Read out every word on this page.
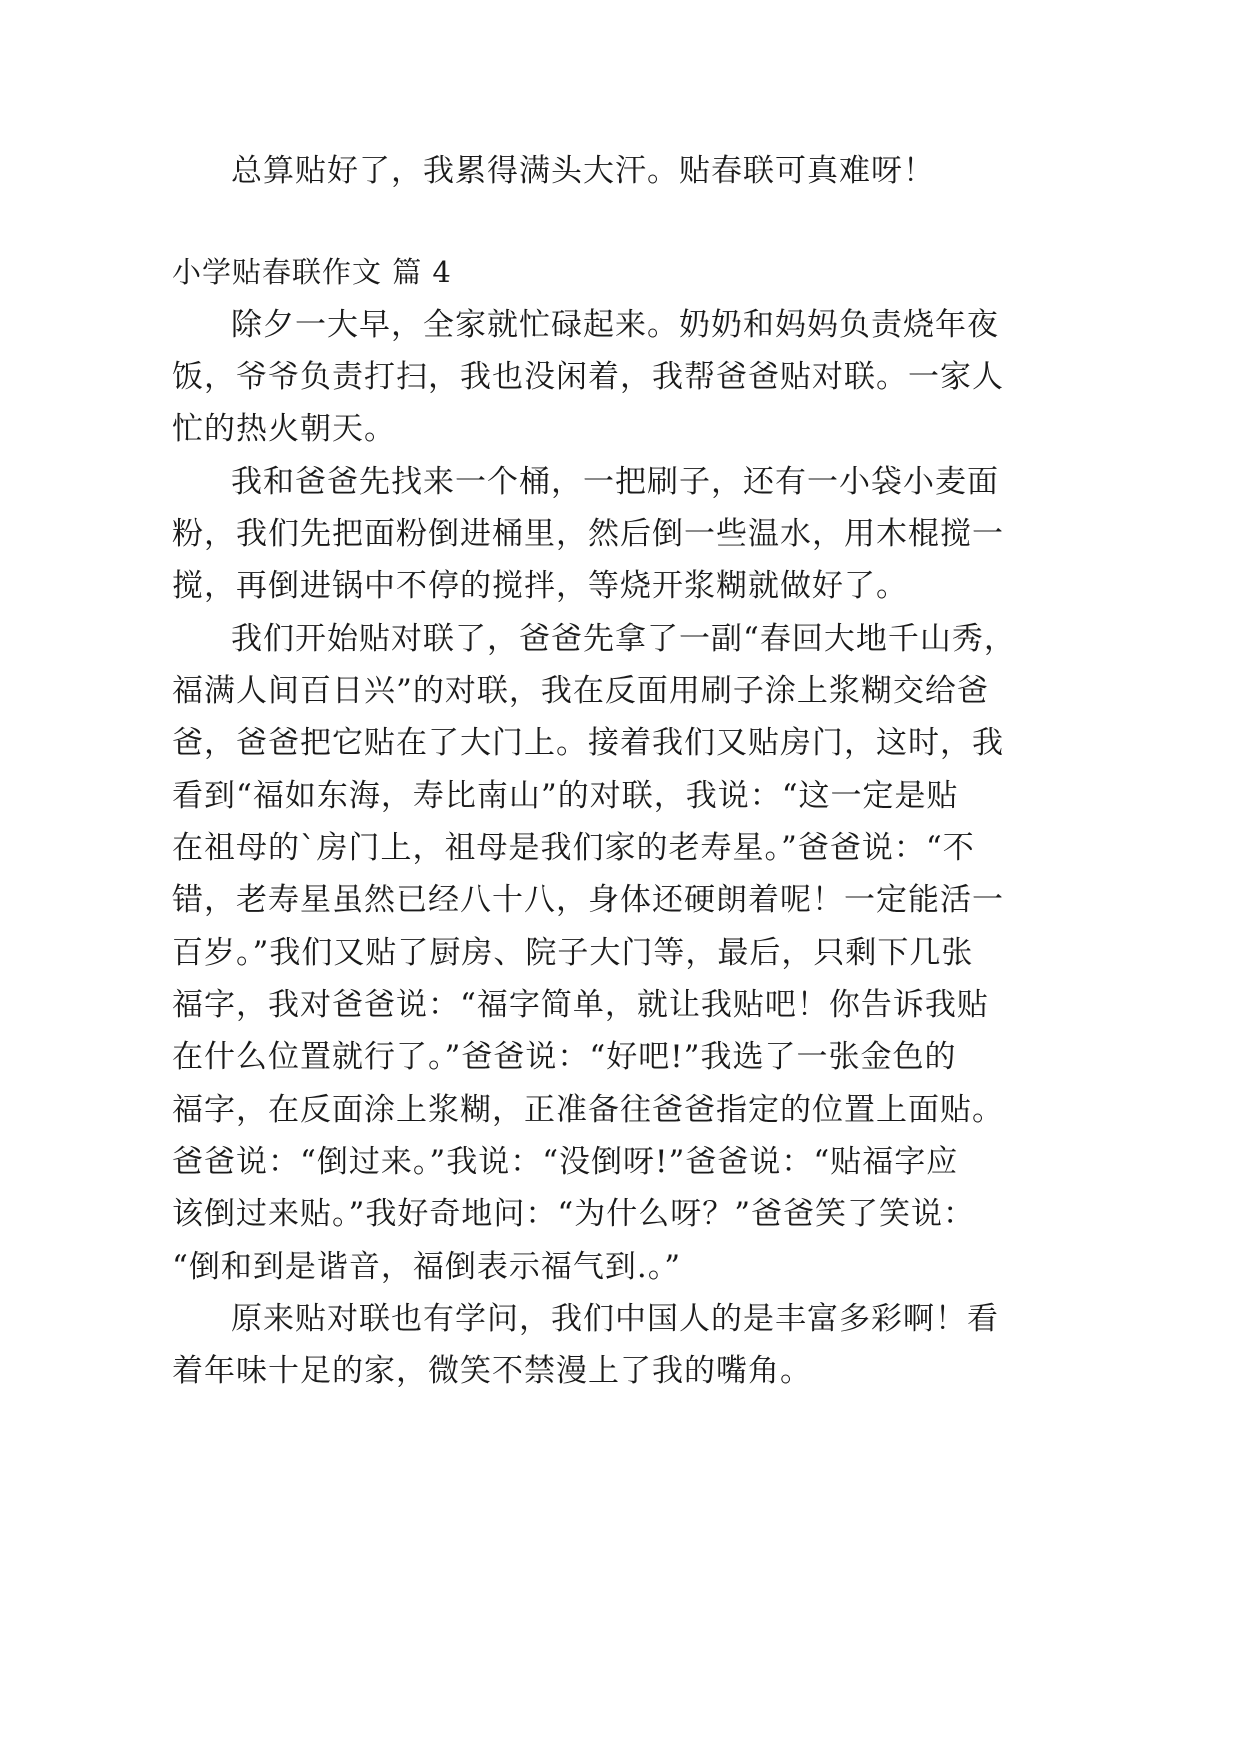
总算贴好了，我累得满头大汗。贴春联可真难呀！
小学贴春联作文 篇 4
除夕一大早，全家就忙碌起来。奶奶和妈妈负责烧年夜
饭，爷爷负责打扫，我也没闲着，我帮爸爸贴对联。一家人
忙的热火朝天。
我和爸爸先找来一个桶，一把刷子，还有一小袋小麦面
粉，我们先把面粉倒进桶里，然后倒一些温水，用木棍搅一
搅，再倒进锅中不停的搅拌，等烧开浆糊就做好了。
我们开始贴对联了，爸爸先拿了一副“春回大地千山秀，
福满人间百日兴”的对联，我在反面用刷子涂上浆糊交给爸
爸，爸爸把它贴在了大门上。接着我们又贴房门，这时，我
看到“福如东海，寿比南山”的对联，我说：“这一定是贴
在祖母的`房门上，祖母是我们家的老寿星。”爸爸说：“不
错，老寿星虽然已经八十八，身体还硬朗着呢！一定能活一
百岁。”我们又贴了厨房、院子大门等，最后，只剩下几张
福字，我对爸爸说：“福字简单，就让我贴吧！你告诉我贴
在什么位置就行了。”爸爸说：“好吧!”我选了一张金色的
福字，在反面涂上浆糊，正准备往爸爸指定的位置上面贴。
爸爸说：“倒过来。”我说：“没倒呀!”爸爸说：“贴福字应
该倒过来贴。”我好奇地问：“为什么呀？”爸爸笑了笑说：
“倒和到是谐音，福倒表示福气到.。”
原来贴对联也有学问，我们中国人的是丰富多彩啊！看
着年味十足的家，微笑不禁漫上了我的嘴角。
